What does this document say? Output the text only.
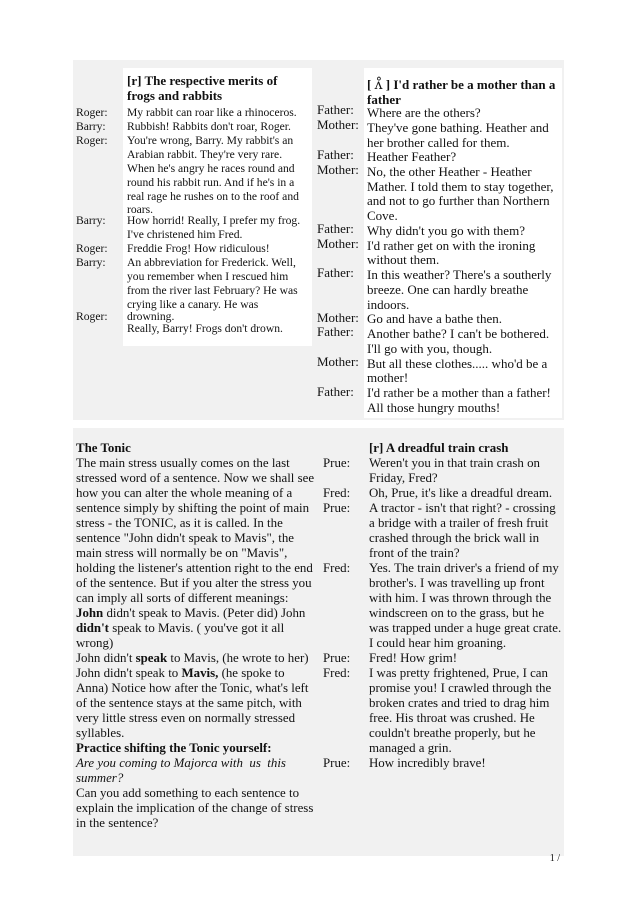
[r] The respective merits of
frogs and rabbits
Roger:
Barry:
Roger:
Barry:
Roger:
Barry:
Roger:
My rabbit can roar like a rhinoceros.
Rubbish! Rabbits don't roar, Roger.
You're wrong, Barry. My rabbit's an
Arabian rabbit. They're very rare.
When he's angry he races round and
round his rabbit run. And if he's in a
real rage he rushes on to the roof and
roars.
How horrid! Really, I prefer my frog.
I've christened him Fred.
Freddie Frog! How ridiculous!
An abbreviation for Frederick. Well,
you remember when I rescued him
from the river last February? He was
crying like a canary. He was
drowning.
Really, Barry! Frogs don't drown.
[ ʌ̊ ] I'd rather be a mother than a
father
Father:
Mother:
Father:
Mother:
Father:
Mother:
Father:
Mother:
Father:
Mother:
Father:
Where are the others?
They've gone bathing. Heather and
her brother called for them.
Heather Feather?
No, the other Heather - Heather
Mather. I told them to stay together,
and not to go further than Northern
Cove.
Why didn't you go with them?
I'd rather get on with the ironing
without them.
In this weather? There's a southerly
breeze. One can hardly breathe
indoors.
Go and have a bathe then.
Another bathe? I can't be bothered.
I'll go with you, though.
But all these clothes..... who'd be a
mother!
I'd rather be a mother than a father!
All those hungry mouths!
The Tonic
The main stress usually comes on the last
stressed word of a sentence. Now we shall see
how you can alter the whole meaning of a
sentence simply by shifting the point of main
stress - the TONIC, as it is called. In the
sentence "John didn't speak to Mavis", the
main stress will normally be on "Mavis",
holding the listener's attention right to the end
of the sentence. But if you alter the stress you
can imply all sorts of different meanings:
John didn't speak to Mavis. (Peter did) John
didn't speak to Mavis. ( you've got it all
wrong)
John didn't speak to Mavis, (he wrote to her)
John didn't speak to Mavis, (he spoke to
Anna) Notice how after the Tonic, what's left
of the sentence stays at the same pitch, with
very little stress even on normally stressed
syllables.
Practice shifting the Tonic yourself:
Are you coming to Majorca with  us  this
summer?
Can you add something to each sentence to
explain the implication of the change of stress
in the sentence?
[r] A dreadful train crash
Prue:
Fred:
Prue:
Fred:
Prue:
Fred:
Prue:
Weren't you in that train crash on
Friday, Fred?
Oh, Prue, it's like a dreadful dream.
A tractor - isn't that right? - crossing
a bridge with a trailer of fresh fruit
crashed through the brick wall in
front of the train?
Yes. The train driver's a friend of my
brother's. I was travelling up front
with him. I was thrown through the
windscreen on to the grass, but he
was trapped under a huge great crate.
I could hear him groaning.
Fred! How grim!
I was pretty frightened, Prue, I can
promise you! I crawled through the
broken crates and tried to drag him
free. His throat was crushed. He
couldn't breathe properly, but he
managed a grin.
How incredibly brave!
1 /
